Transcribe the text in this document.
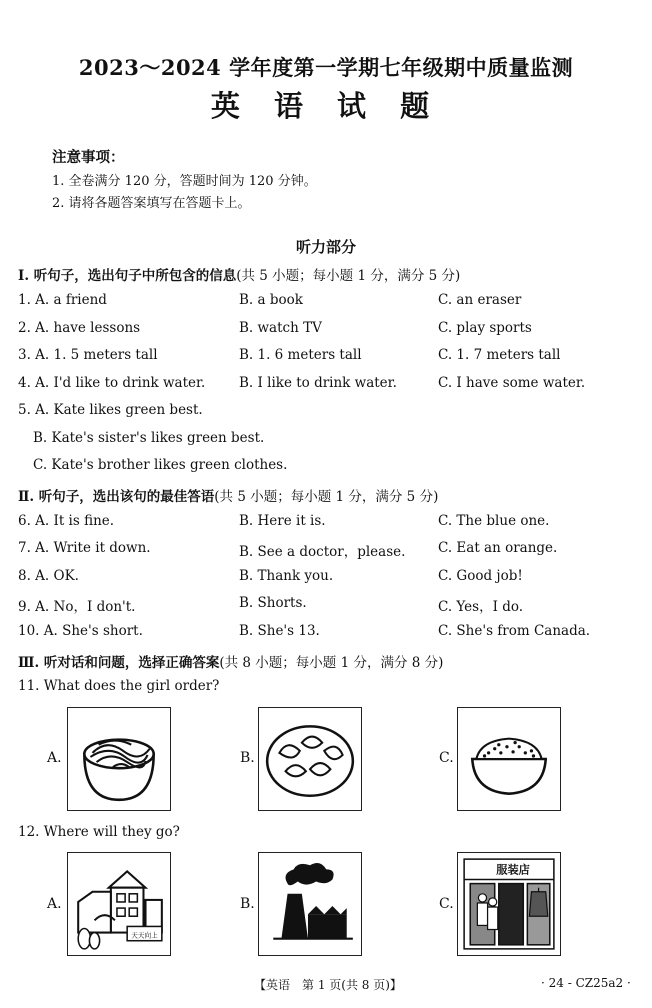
2023～2024 学年度第一学期七年级期中质量监测
英 语 试 题
注意事项：
1. 全卷满分 120 分，答题时间为 120 分钟。
2. 请将各题答案填写在答题卡上。
听力部分
Ⅰ. 听句子，选出句子中所包含的信息(共 5 小题；每小题 1 分，满分 5 分)
1. A. a friend	B. a book	C. an eraser
2. A. have lessons	B. watch TV	C. play sports
3. A. 1. 5 meters tall	B. 1. 6 meters tall	C. 1. 7 meters tall
4. A. I'd like to drink water. B. I like to drink water.	C. I have some water.
5. A. Kate likes green best.
B. Kate's sister's likes green best.
C. Kate's brother likes green clothes.
Ⅱ. 听句子，选出该句的最佳答语(共 5 小题；每小题 1 分，满分 5 分)
6. A. It is fine.	B. Here it is.	C. The blue one.
7. A. Write it down.	B. See a doctor，please. C. Eat an orange.
8. A. OK.	B. Thank you.	C. Good job!
9. A. No，I don't.	B. Shorts.	C. Yes，I do.
10. A. She's short.	B. She's 13.	C. She's from Canada.
Ⅲ. 听对话和问题，选择正确答案(共 8 小题；每小题 1 分，满分 8 分)
11. What does the girl order?
A.	B.	C.
12. Where will they go?
A.
天天向上
B.	C.
服装店
【英语　第 1 页(共 8 页)】	· 24 - CZ25a2 ·
